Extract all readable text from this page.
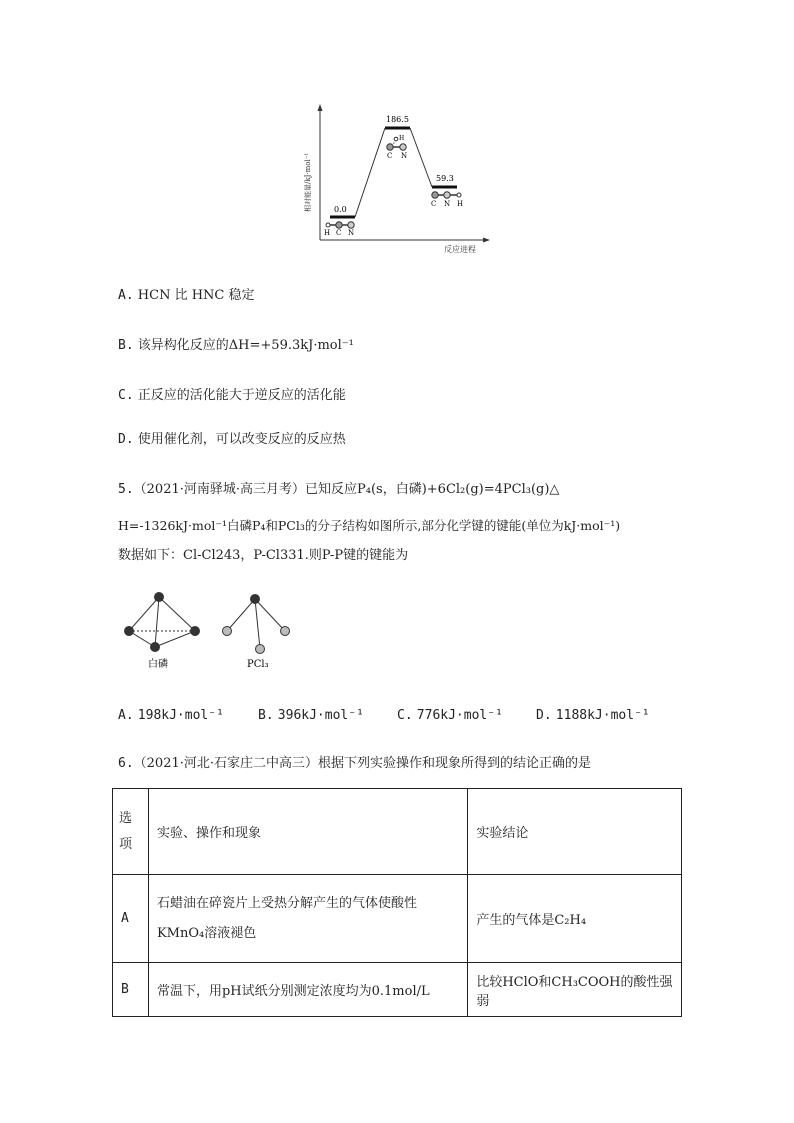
相对能量/kJ·mol⁻¹
反应进程
0.0
186.5
59.3
H C N
H
C N
C N H
A. HCN 比 HNC 稳定
B. 该异构化反应的ΔH=+59.3kJ·mol⁻¹
C. 正反应的活化能大于逆反应的活化能
D. 使用催化剂，可以改变反应的反应热
5.（2021·河南驿城·高三月考）已知反应P₄(s，白磷)+6Cl₂(g)=4PCl₃(g)△
H=-1326kJ·mol⁻¹白磷P₄和PCl₃的分子结构如图所示,部分化学键的键能(单位为kJ·mol⁻¹)
数据如下：Cl-Cl243，P-Cl331.则P-P键的键能为
白磷	PCl₃
A. 198kJ·mol⁻¹	B. 396kJ·mol⁻¹	C. 776kJ·mol⁻¹	D. 1188kJ·mol⁻¹
6.（2021·河北·石家庄二中高三）根据下列实验操作和现象所得到的结论正确的是
选项	实验、操作和现象	实验结论
A	石蜡油在碎瓷片上受热分解产生的气体使酸性KMnO₄溶液褪色	产生的气体是C₂H₄
B	常温下，用pH试纸分别测定浓度均为0.1mol/L	比较HClO和CH₃COOH的酸性强弱
